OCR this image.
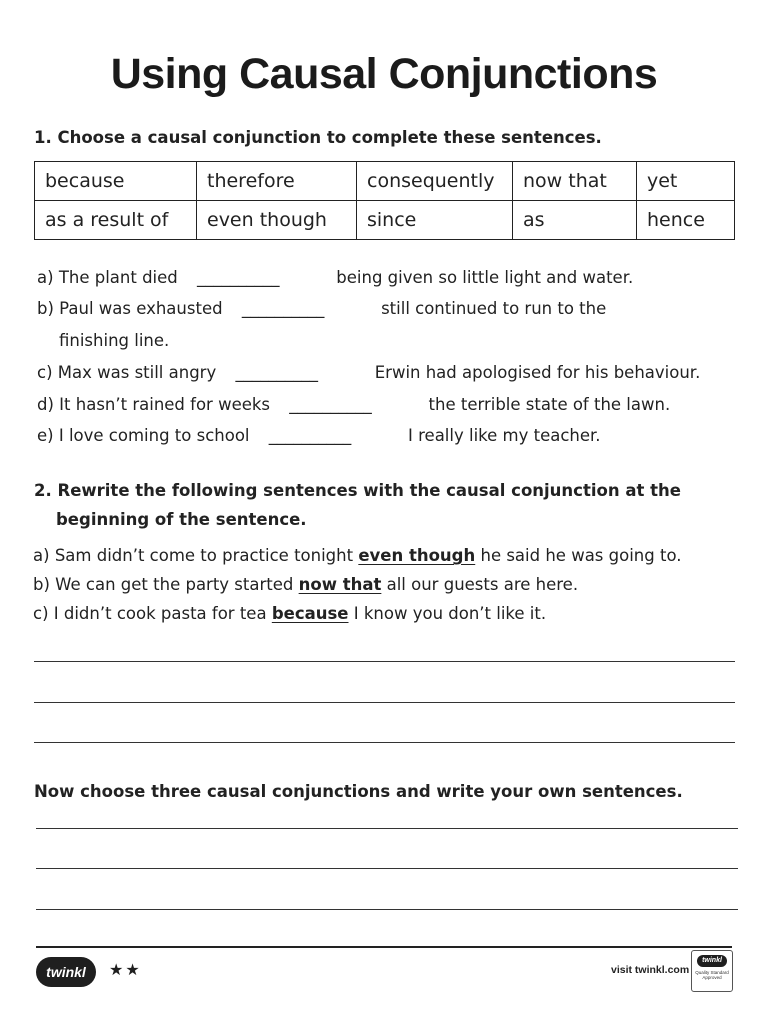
Using Causal Conjunctions
1. Choose a causal conjunction to complete these sentences.
because	therefore	consequently	now that	yet
as a result of	even though	since	as	hence
a) The plant died __________	being given so little light and water.
b) Paul was exhausted __________	still continued to run to the
finishing line.
c) Max was still angry __________	Erwin had apologised for his behaviour.
d) It hasn’t rained for weeks __________	the terrible state of the lawn.
e) I love coming to school __________	I really like my teacher.
2. Rewrite the following sentences with the causal conjunction at the
beginning of the sentence.
a) Sam didn’t come to practice tonight even though he said he was going to.
b) We can get the party started now that all our guests are here.
c) I didn’t cook pasta for tea because I know you don’t like it.
Now choose three causal conjunctions and write your own sentences.
twinkl	★★	visit twinkl.com
twinkl
Quality Standard Approved
